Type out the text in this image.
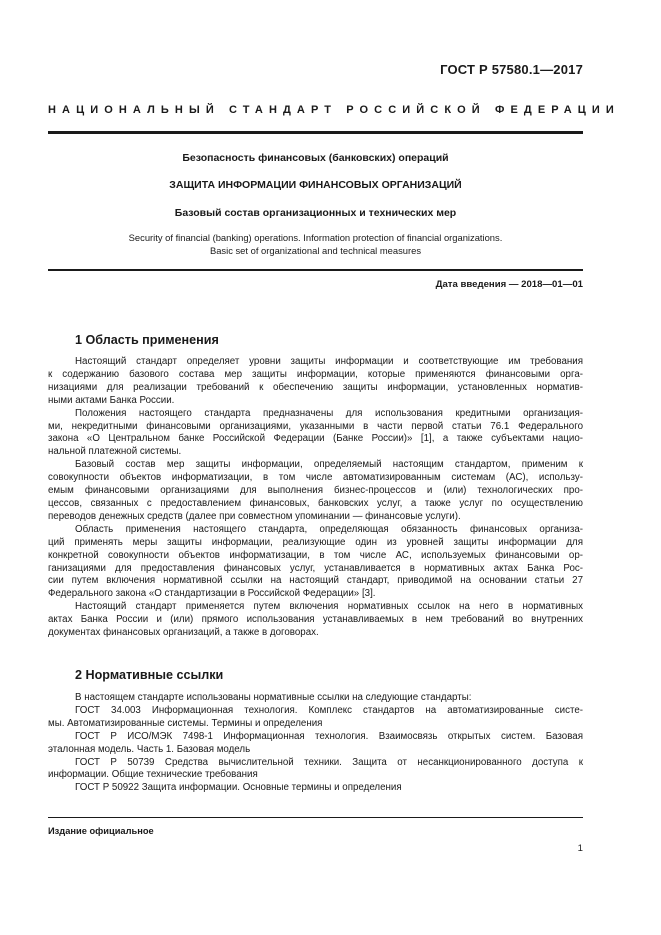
ГОСТ Р 57580.1—2017
НАЦИОНАЛЬНЫЙ СТАНДАРТ РОССИЙСКОЙ ФЕДЕРАЦИИ
Безопасность финансовых (банковских) операций
ЗАЩИТА ИНФОРМАЦИИ ФИНАНСОВЫХ ОРГАНИЗАЦИЙ
Базовый состав организационных и технических мер
Security of financial (banking) operations. Information protection of financial organizations.
Basic set of organizational and technical measures
Дата введения — 2018—01—01
1 Область применения
Настоящий стандарт определяет уровни защиты информации и соответствующие им требования
к содержанию базового состава мер защиты информации, которые применяются финансовыми орга-
низациями для реализации требований к обеспечению защиты информации, установленных норматив-
ными актами Банка России.
Положения настоящего стандарта предназначены для использования кредитными организация-
ми, некредитными финансовыми организациями, указанными в части первой статьи 76.1 Федерального
закона «О Центральном банке Российской Федерации (Банке России)» [1], а также субъектами нацио-
нальной платежной системы.
Базовый состав мер защиты информации, определяемый настоящим стандартом, применим к
совокупности объектов информатизации, в том числе автоматизированным системам (АС), использу-
емым финансовыми организациями для выполнения бизнес-процессов и (или) технологических про-
цессов, связанных с предоставлением финансовых, банковских услуг, а также услуг по осуществлению
переводов денежных средств (далее при совместном упоминании — финансовые услуги).
Область применения настоящего стандарта, определяющая обязанность финансовых организа-
ций применять меры защиты информации, реализующие один из уровней защиты информации для
конкретной совокупности объектов информатизации, в том числе АС, используемых финансовыми ор-
ганизациями для предоставления финансовых услуг, устанавливается в нормативных актах Банка Рос-
сии путем включения нормативной ссылки на настоящий стандарт, приводимой на основании статьи 27
Федерального закона «О стандартизации в Российской Федерации» [3].
Настоящий стандарт применяется путем включения нормативных ссылок на него в нормативных
актах Банка России и (или) прямого использования устанавливаемых в нем требований во внутренних
документах финансовых организаций, а также в договорах.
2 Нормативные ссылки
В настоящем стандарте использованы нормативные ссылки на следующие стандарты:
ГОСТ 34.003 Информационная технология. Комплекс стандартов на автоматизированные систе-
мы. Автоматизированные системы. Термины и определения
ГОСТ Р ИСО/МЭК 7498-1 Информационная технология. Взаимосвязь открытых систем. Базовая
эталонная модель. Часть 1. Базовая модель
ГОСТ Р 50739 Средства вычислительной техники. Защита от несанкционированного доступа к
информации. Общие технические требования
ГОСТ Р 50922 Защита информации. Основные термины и определения
Издание официальное
1
